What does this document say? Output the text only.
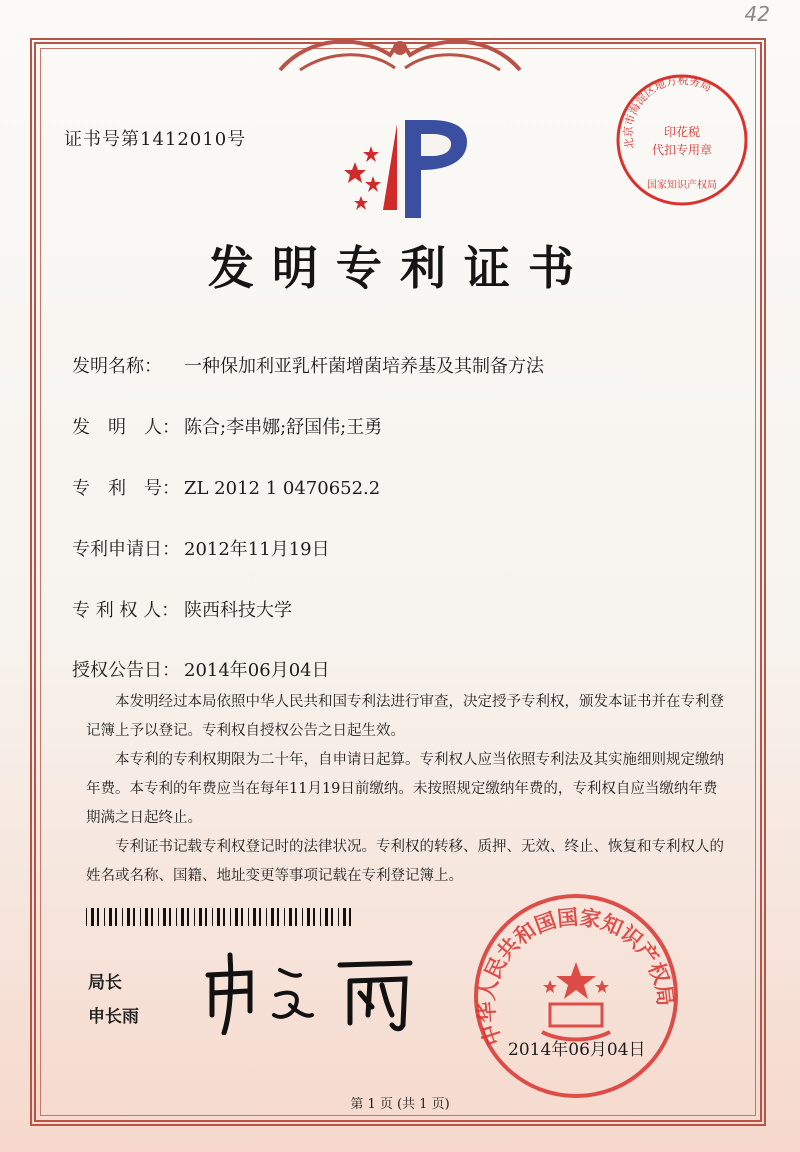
42
证书号第1412010号	北京市海淀区地方税务局
印花税
代扣专用章
国家知识产权局
发明专利证书
发明名称： 一种保加利亚乳杆菌增菌培养基及其制备方法
发　明　人： 陈合;李串娜;舒国伟;王勇
专　利　号： ZL 2012 1 0470652.2
专利申请日： 2012年11月19日
专 利 权 人： 陕西科技大学
授权公告日： 2014年06月04日

本发明经过本局依照中华人民共和国专利法进行审查，决定授予专利权，颁发本证书并在专利登记簿上予以登记。专利权自授权公告之日起生效。

本专利的专利权期限为二十年，自申请日起算。专利权人应当依照专利法及其实施细则规定缴纳年费。本专利的年费应当在每年11月19日前缴纳。未按照规定缴纳年费的，专利权自应当缴纳年费期满之日起终止。

专利证书记载专利权登记时的法律状况。专利权的转移、质押、无效、终止、恢复和专利权人的姓名或名称、国籍、地址变更等事项记载在专利登记簿上。

局长
申长雨
中华人民共和国国家知识产权局
2014年06月04日
第 1 页 (共 1 页)
